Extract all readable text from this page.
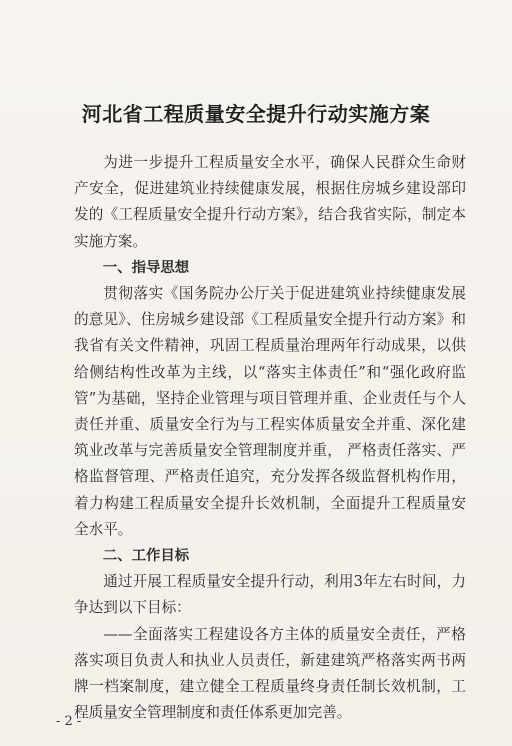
河北省工程质量安全提升行动实施方案

为进一步提升工程质量安全水平，确保人民群众生命财产安全，促进建筑业持续健康发展，根据住房城乡建设部印发的《工程质量安全提升行动方案》，结合我省实际，制定本实施方案。

一、指导思想

贯彻落实《国务院办公厅关于促进建筑业持续健康发展的意见》、住房城乡建设部《工程质量安全提升行动方案》和我省有关文件精神，巩固工程质量治理两年行动成果，以供给侧结构性改革为主线，以“落实主体责任”和“强化政府监管”为基础，坚持企业管理与项目管理并重、企业责任与个人责任并重、质量安全行为与工程实体质量安全并重、深化建筑业改革与完善质量安全管理制度并重， 严格责任落实、严格监督管理、严格责任追究，充分发挥各级监督机构作用，着力构建工程质量安全提升长效机制，全面提升工程质量安全水平。

二、工作目标

通过开展工程质量安全提升行动，利用3年左右时间，力争达到以下目标：

——全面落实工程建设各方主体的质量安全责任，严格落实项目负责人和执业人员责任，新建建筑严格落实两书两牌一档案制度，建立健全工程质量终身责任制长效机制，工程质量安全管理制度和责任体系更加完善。

- 2 -
